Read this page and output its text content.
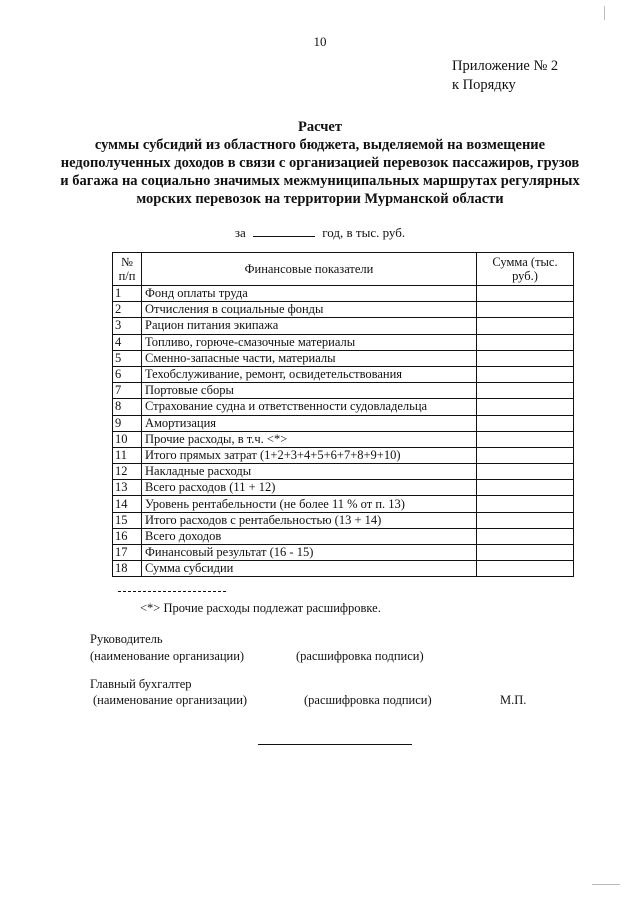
10
Приложение № 2
к Порядку
Расчет
суммы субсидий из областного бюджета, выделяемой на возмещение недополученных доходов в связи с организацией перевозок пассажиров, грузов и багажа на социально значимых межмуниципальных маршрутах регулярных морских перевозок на территории Мурманской области
за	год, в тыс. руб.
№ п/п	Финансовые показатели	Сумма (тыс. руб.)
1	Фонд оплаты труда	
2	Отчисления в социальные фонды	
3	Рацион питания экипажа	
4	Топливо, горюче-смазочные материалы	
5	Сменно-запасные части, материалы	
6	Техобслуживание, ремонт, освидетельствования	
7	Портовые сборы	
8	Страхование судна и ответственности судовладельца	
9	Амортизация	
10	Прочие расходы, в т.ч. <*>	
11	Итого прямых затрат (1+2+3+4+5+6+7+8+9+10)	
12	Накладные расходы	
13	Всего расходов (11 + 12)	
14	Уровень рентабельности (не более 11 % от п. 13)	
15	Итого расходов с рентабельностью (13 + 14)	
16	Всего доходов	
17	Финансовый результат (16 - 15)	
18	Сумма субсидии	
<*> Прочие расходы подлежат расшифровке.
Руководитель
(наименование организации)	(расшифровка подписи)
Главный бухгалтер
(наименование организации)	(расшифровка подписи)	М.П.
